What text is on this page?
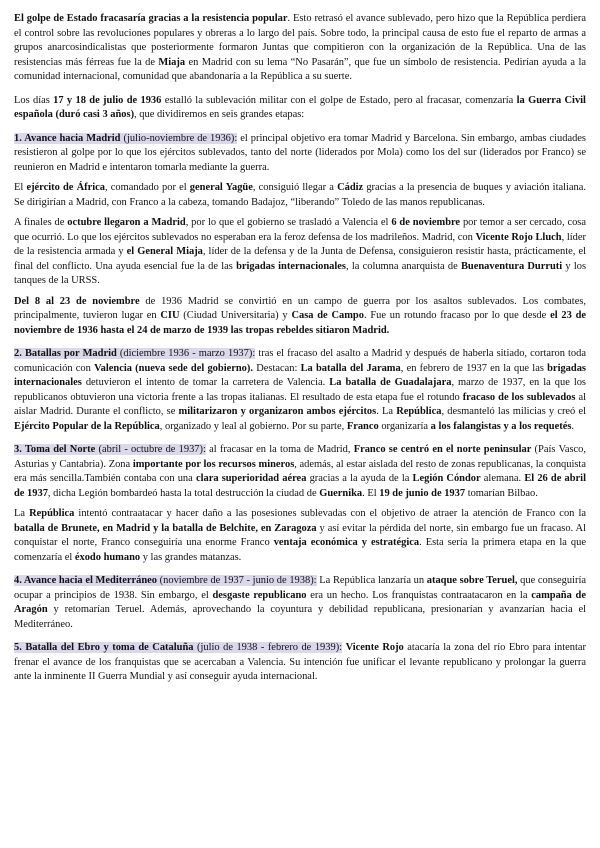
El golpe de Estado fracasaría gracias a la resistencia popular. Esto retrasó el avance sublevado, pero hizo que la República perdiera el control sobre las revoluciones populares y obreras a lo largo del país. Sobre todo, la principal causa de esto fue el reparto de armas a grupos anarcosindicalistas que posteriormente formaron Juntas que compitieron con la organización de la República. Una de las resistencias más férreas fue la de Miaja en Madrid con su lema “No Pasarán”, que fue un símbolo de resistencia. Pedirían ayuda a la comunidad internacional, comunidad que abandonaría a la República a su suerte.

Los días 17 y 18 de julio de 1936 estalló la sublevación militar con el golpe de Estado, pero al fracasar, comenzaría la Guerra Civil española (duró casi 3 años), que dividiremos en seis grandes etapas:

1. Avance hacia Madrid (julio-noviembre de 1936): el principal objetivo era tomar Madrid y Barcelona. Sin embargo, ambas ciudades resistieron al golpe por lo que los ejércitos sublevados, tanto del norte (liderados por Mola) como los del sur (liderados por Franco) se reunieron en Madrid e intentaron tomarla mediante la guerra.

El ejército de África, comandado por el general Yagüe, consiguió llegar a Cádiz gracias a la presencia de buques y aviación italiana. Se dirigirían a Madrid, con Franco a la cabeza, tomando Badajoz, “liberando” Toledo de las manos republicanas.

A finales de octubre llegaron a Madrid, por lo que el gobierno se trasladó a Valencia el 6 de noviembre por temor a ser cercado, cosa que ocurrió. Lo que los ejércitos sublevados no esperaban era la feroz defensa de los madrileños. Madrid, con Vicente Rojo Lluch, líder de la resistencia armada y el General Miaja, líder de la defensa y de la Junta de Defensa, consiguieron resistir hasta, prácticamente, el final del conflicto. Una ayuda esencial fue la de las brigadas internacionales, la columna anarquista de Buenaventura Durruti y los tanques de la URSS.

Del 8 al 23 de noviembre de 1936 Madrid se convirtió en un campo de guerra por los asaltos sublevados. Los combates, principalmente, tuvieron lugar en CIU (Ciudad Universitaria) y Casa de Campo. Fue un rotundo fracaso por lo que desde el 23 de noviembre de 1936 hasta el 24 de marzo de 1939 las tropas rebeldes sitiaron Madrid.

2. Batallas por Madrid (diciembre 1936 - marzo 1937): tras el fracaso del asalto a Madrid y después de haberla sitiado, cortaron toda comunicación con Valencia (nueva sede del gobierno). Destacan: La batalla del Jarama, en febrero de 1937 en la que las brigadas internacionales detuvieron el intento de tomar la carretera de Valencia. La batalla de Guadalajara, marzo de 1937, en la que los republicanos obtuvieron una victoria frente a las tropas italianas. El resultado de esta etapa fue el rotundo fracaso de los sublevados al aislar Madrid. Durante el conflicto, se militarizaron y organizaron ambos ejércitos. La República, desmanteló las milicias y creó el Ejército Popular de la República, organizado y leal al gobierno. Por su parte, Franco organizaría a los falangistas y a los requetés.

3. Toma del Norte (abril - octubre de 1937): al fracasar en la toma de Madrid, Franco se centró en el norte peninsular (País Vasco, Asturias y Cantabria). Zona importante por los recursos mineros, además, al estar aislada del resto de zonas republicanas, la conquista era más sencilla.También contaba con una clara superioridad aérea gracias a la ayuda de la Legión Cóndor alemana. El 26 de abril de 1937, dicha Legión bombardeó hasta la total destrucción la ciudad de Guernika. El 19 de junio de 1937 tomarían Bilbao.

La República intentó contraatacar y hacer daño a las posesiones sublevadas con el objetivo de atraer la atención de Franco con la batalla de Brunete, en Madrid y la batalla de Belchite, en Zaragoza y así evitar la pérdida del norte, sin embargo fue un fracaso. Al conquistar el norte, Franco conseguiría una enorme Franco ventaja económica y estratégica. Esta sería la primera etapa en la que comenzaría el éxodo humano y las grandes matanzas.

4. Avance hacia el Mediterráneo (noviembre de 1937 - junio de 1938): La República lanzaría un ataque sobre Teruel, que conseguiría ocupar a principios de 1938. Sin embargo, el desgaste republicano era un hecho. Los franquistas contraatacaron en la campaña de Aragón y retomarían Teruel. Además, aprovechando la coyuntura y debilidad republicana, presionarían y avanzarían hacia el Mediterráneo.

5. Batalla del Ebro y toma de Cataluña (julio de 1938 - febrero de 1939): Vicente Rojo atacaría la zona del río Ebro para intentar frenar el avance de los franquistas que se acercaban a Valencia. Su intención fue unificar el levante republicano y prolongar la guerra ante la inminente II Guerra Mundial y así conseguir ayuda internacional.
